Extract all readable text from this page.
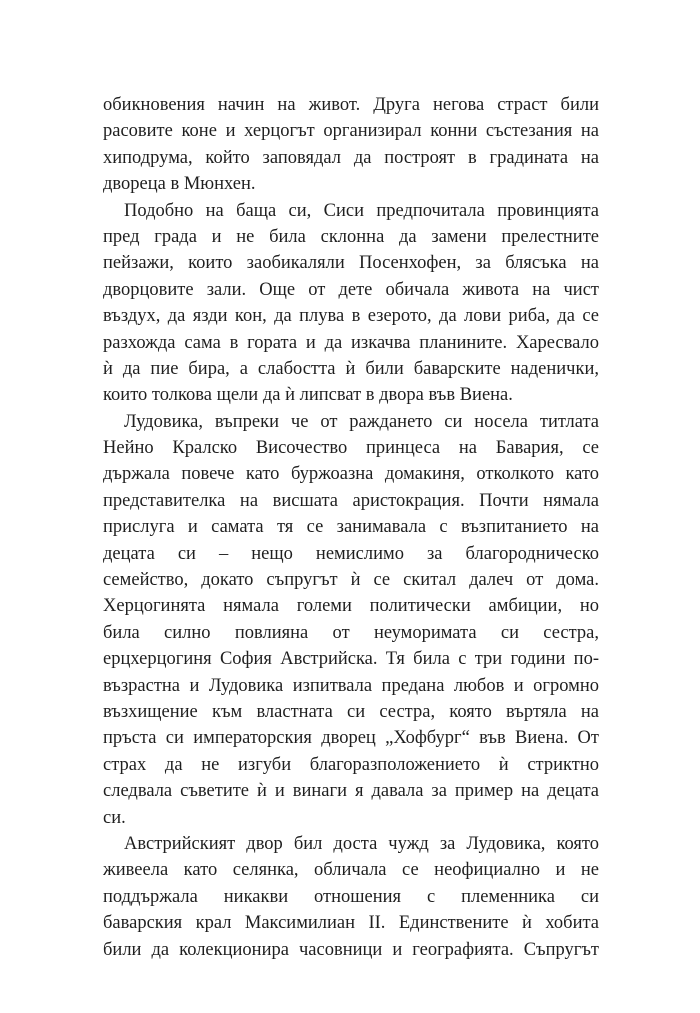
обикновения начин на живот. Друга негова страст били
расовите коне и херцогът организирал конни състезания на
хиподрума, който заповядал да построят в градината на
двореца в Мюнхен.
Подобно на баща си, Сиси предпочитала провинцията
пред града и не била склонна да замени прелестните
пейзажи, които заобикаляли Посенхофен, за блясъка на
дворцовите зали. Още от дете обичала живота на чист
въздух, да язди кон, да плува в езерото, да лови риба, да се
разхожда сама в гората и да изкачва планините. Харесвало
ѝ да пие бира, а слабостта ѝ били баварските наденички,
които толкова щели да ѝ липсват в двора във Виена.
Лудовика, въпреки че от раждането си носела титлата
Нейно Кралско Височество принцеса на Бавария, се
държала повече като буржоазна домакиня, отколкото като
представителка на висшата аристокрация. Почти нямала
прислуга и самата тя се занимавала с възпитанието на
децата си – нещо немислимо за благородническо
семейство, докато съпругът ѝ се скитал далеч от дома.
Херцогинята нямала големи политически амбиции, но
била силно повлияна от неуморимата си сестра,
ерцхерцогиня София Австрийска. Тя била с три години по-
възрастна и Лудовика изпитвала предана любов и огромно
възхищение към властната си сестра, която въртяла на
пръста си императорския дворец „Хофбург“ във Виена. От
страх да не изгуби благоразположението ѝ стриктно
следвала съветите ѝ и винаги я давала за пример на децата
си.
Австрийският двор бил доста чужд за Лудовика, която
живеела като селянка, обличала се неофициално и не
поддържала никакви отношения с племенника си
баварския крал Максимилиан II. Единствените ѝ хобита
били да колекционира часовници и географията. Съпругът
